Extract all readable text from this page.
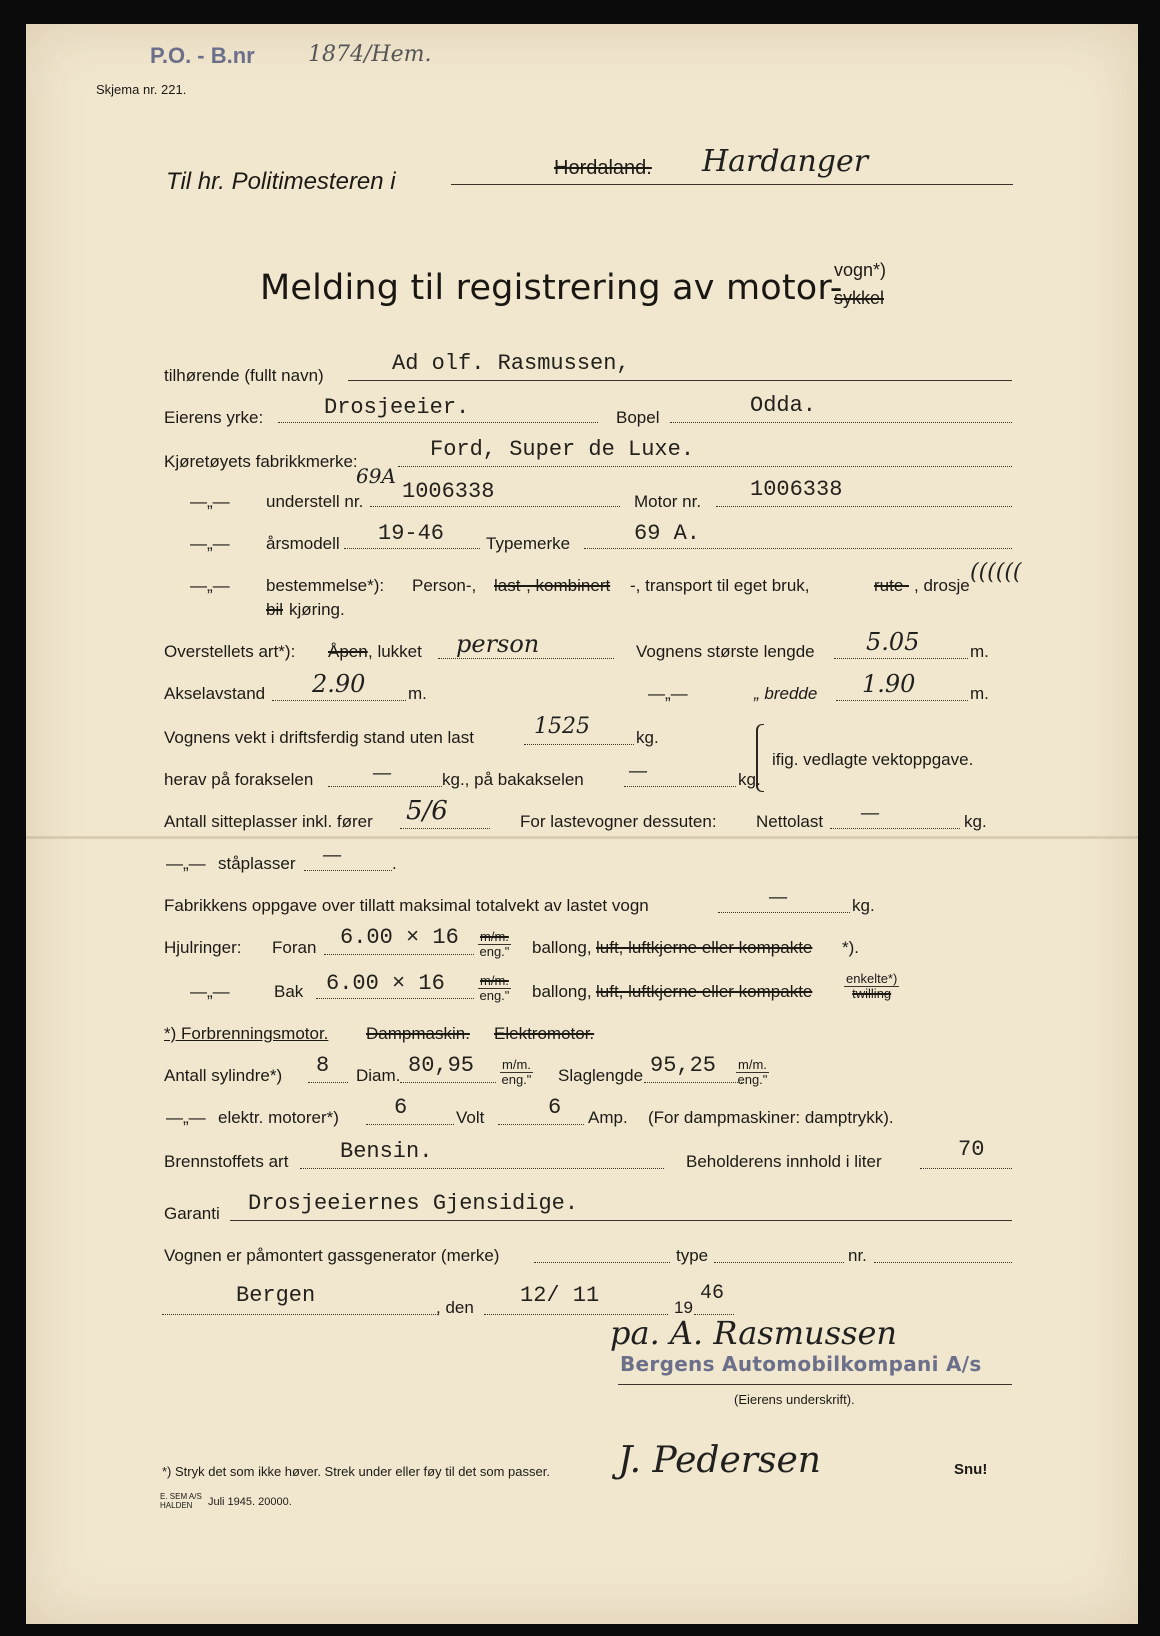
P.O. - B.nr 1874/Hem.
Skjema nr. 221.
Til hr. Politimesteren i	Hordaland. Hardanger
Melding til registrering av motor-
vogn*)
sykkel
tilhørende (fullt navn)	Ad olf. Rasmussen,
Eierens yrke:	Drosjeeier.	Bopel	Odda.
Kjøretøyets fabrikkmerke:	Ford, Super de Luxe.
—„— understell nr.
69A
1006338	Motor nr. 1006338
—„— årsmodell 19-46 Typemerke	69 A.
—„— bestemmelse*): Person-, last-, kombinert -, transport til eget bruk,	rute- , drosje
((((((
bil kjøring.
Overstellets art*): Åpen , lukket person	Vognens største lengde 5.05	m.
Akselavstand 2.90	m.	—„—	„ bredde 1.90	m.
Vognens vekt i driftsferdig stand uten last	1525	kg.
herav på forakselen	—	kg., på bakakselen —	kg.
ifig. vedlagte vektoppgave.
Antall sitteplasser inkl. fører 5/6	For lastevogner dessuten: Nettolast —	kg.
—„— ståplasser —	.
Fabrikkens oppgave over tillatt maksimal totalvekt av lastet vogn	—	kg.
Hjulringer: Foran 6.00 × 16 m/m.
eng." ballong, luft, luftkjerne eller kompakte *).
—„—	Bak 6.00 × 16	m/m.
eng." ballong, luft, luftkjerne eller kompakte
enkelte*)
twilling
*) Forbrenningsmotor. Dampmaskin. Elektromotor.
Antall sylindre*) 8 Diam. 80,95 m/m.
eng." Slaglengde 95,25 m/m.
eng."
—„— elektr. motorer*)	6	Volt	6 Amp. (For dampmaskiner: damptrykk).
Brennstoffets art Bensin.	Beholderens innhold i liter	70
Garanti Drosjeeiernes Gjensidige.
Vognen er påmontert gassgenerator (merke)	type	nr.
Bergen	, den 12/ 11	19
46
pa. A. Rasmussen
Bergens Automobilkompani A/s
(Eierens underskrift).
J. Pedersen
*) Stryk det som ikke høver. Strek under eller føy til det som passer.	Snu!
E. SEM A/S HALDEN	Juli 1945. 20000.
